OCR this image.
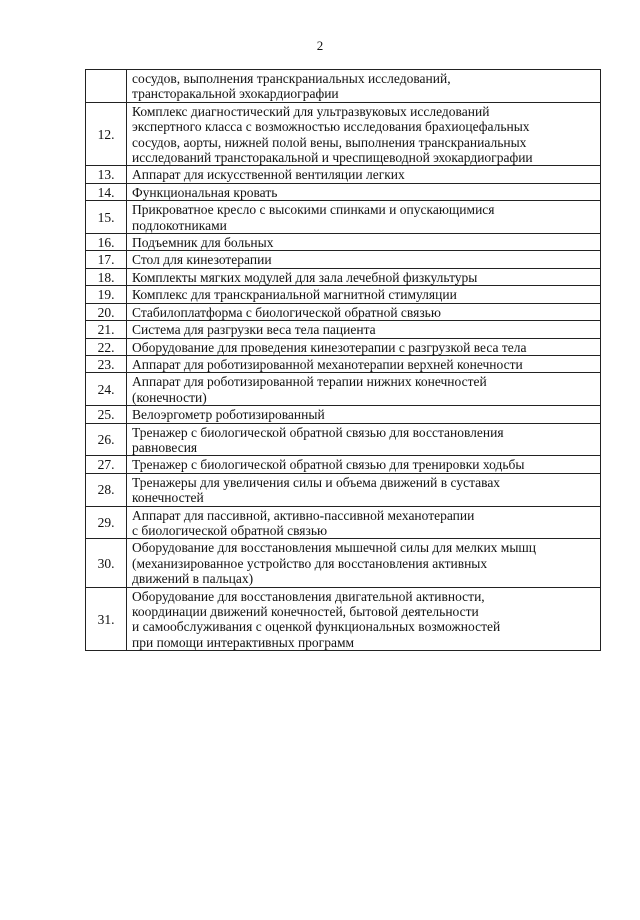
2
	сосудов, выполнения транскраниальных исследований,
трансторакальной эхокардиографии
12.	Комплекс диагностический для ультразвуковых исследований
экспертного класса с возможностью исследования брахиоцефальных
сосудов, аорты, нижней полой вены, выполнения транскраниальных
исследований трансторакальной и чреспищеводной эхокардиографии
13.	Аппарат для искусственной вентиляции легких
14.	Функциональная кровать
15.	Прикроватное кресло с высокими спинками и опускающимися
подлокотниками
16.	Подъемник для больных
17.	Стол для кинезотерапии
18.	Комплекты мягких модулей для зала лечебной физкультуры
19.	Комплекс для транскраниальной магнитной стимуляции
20.	Стабилоплатформа с биологической обратной связью
21.	Система для разгрузки веса тела пациента
22.	Оборудование для проведения кинезотерапии с разгрузкой веса тела
23.	Аппарат для роботизированной механотерапии верхней конечности
24.	Аппарат для роботизированной терапии нижних конечностей
(конечности)
25.	Велоэргометр роботизированный
26.	Тренажер с биологической обратной связью для восстановления
равновесия
27.	Тренажер с биологической обратной связью для тренировки ходьбы
28.	Тренажеры для увеличения силы и объема движений в суставах
конечностей
29.	Аппарат для пассивной, активно-пассивной механотерапии
с биологической обратной связью
30.	Оборудование для восстановления мышечной силы для мелких мышц
(механизированное устройство для восстановления активных
движений в пальцах)
31.	Оборудование для восстановления двигательной активности,
координации движений конечностей, бытовой деятельности
и самообслуживания с оценкой функциональных возможностей
при помощи интерактивных программ
